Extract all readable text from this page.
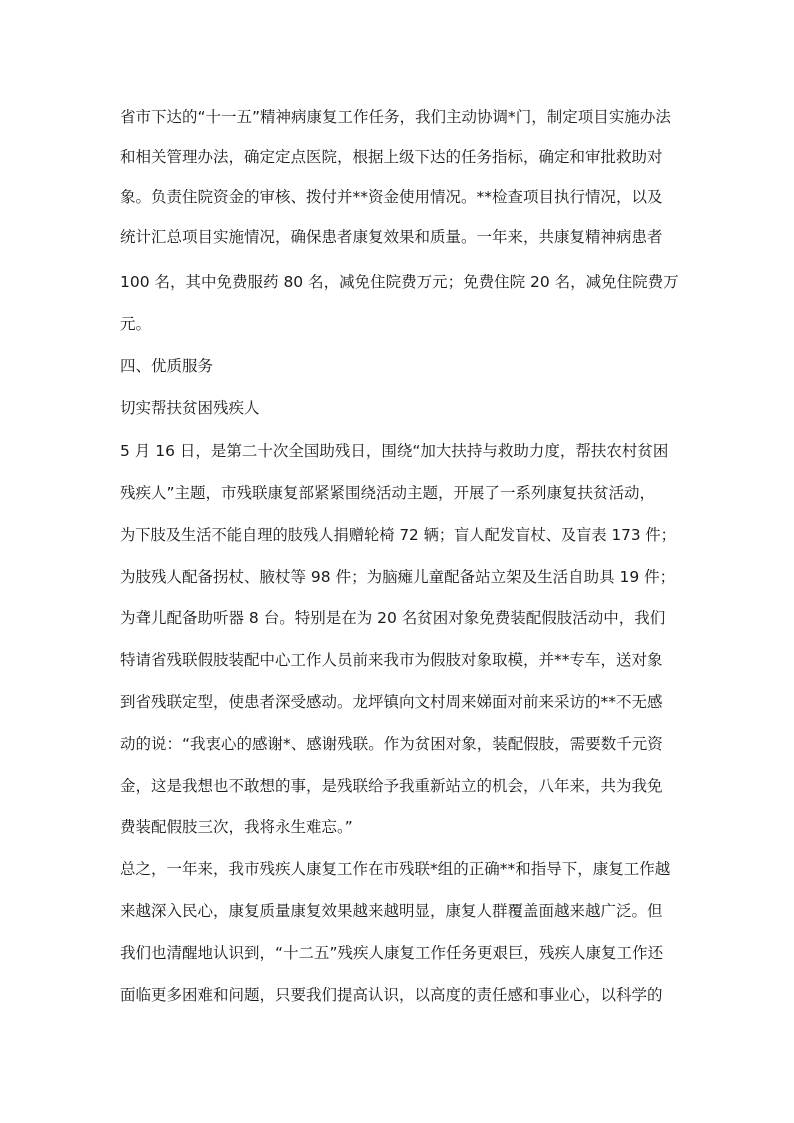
省市下达的“十一五”精神病康复工作任务，我们主动协调*门，制定项目实施办法
和相关管理办法，确定定点医院，根据上级下达的任务指标，确定和审批救助对
象。负责住院资金的审核、拨付并**资金使用情况。**检查项目执行情况，以及
统计汇总项目实施情况，确保患者康复效果和质量。一年来，共康复精神病患者
100 名，其中免费服药 80 名，减免住院费万元；免费住院 20 名，减免住院费万
元。
四、优质服务
切实帮扶贫困残疾人
5 月 16 日，是第二十次全国助残日，围绕“加大扶持与救助力度，帮扶农村贫困
残疾人”主题，市残联康复部紧紧围绕活动主题，开展了一系列康复扶贫活动，
为下肢及生活不能自理的肢残人捐赠轮椅 72 辆；盲人配发盲杖、及盲表 173 件；
为肢残人配备拐杖、腋杖等 98 件；为脑瘫儿童配备站立架及生活自助具 19 件；
为聋儿配备助听器 8 台。特别是在为 20 名贫困对象免费装配假肢活动中，我们
特请省残联假肢装配中心工作人员前来我市为假肢对象取模，并**专车，送对象
到省残联定型，使患者深受感动。龙坪镇向文村周来娣面对前来采访的**不无感
动的说：“我衷心的感谢*、感谢残联。作为贫困对象，装配假肢，需要数千元资
金，这是我想也不敢想的事，是残联给予我重新站立的机会，八年来，共为我免
费装配假肢三次，我将永生难忘。”
总之，一年来，我市残疾人康复工作在市残联*组的正确**和指导下，康复工作越
来越深入民心，康复质量康复效果越来越明显，康复人群覆盖面越来越广泛。但
我们也清醒地认识到，“十二五”残疾人康复工作任务更艰巨，残疾人康复工作还
面临更多困难和问题，只要我们提高认识，以高度的责任感和事业心，以科学的
